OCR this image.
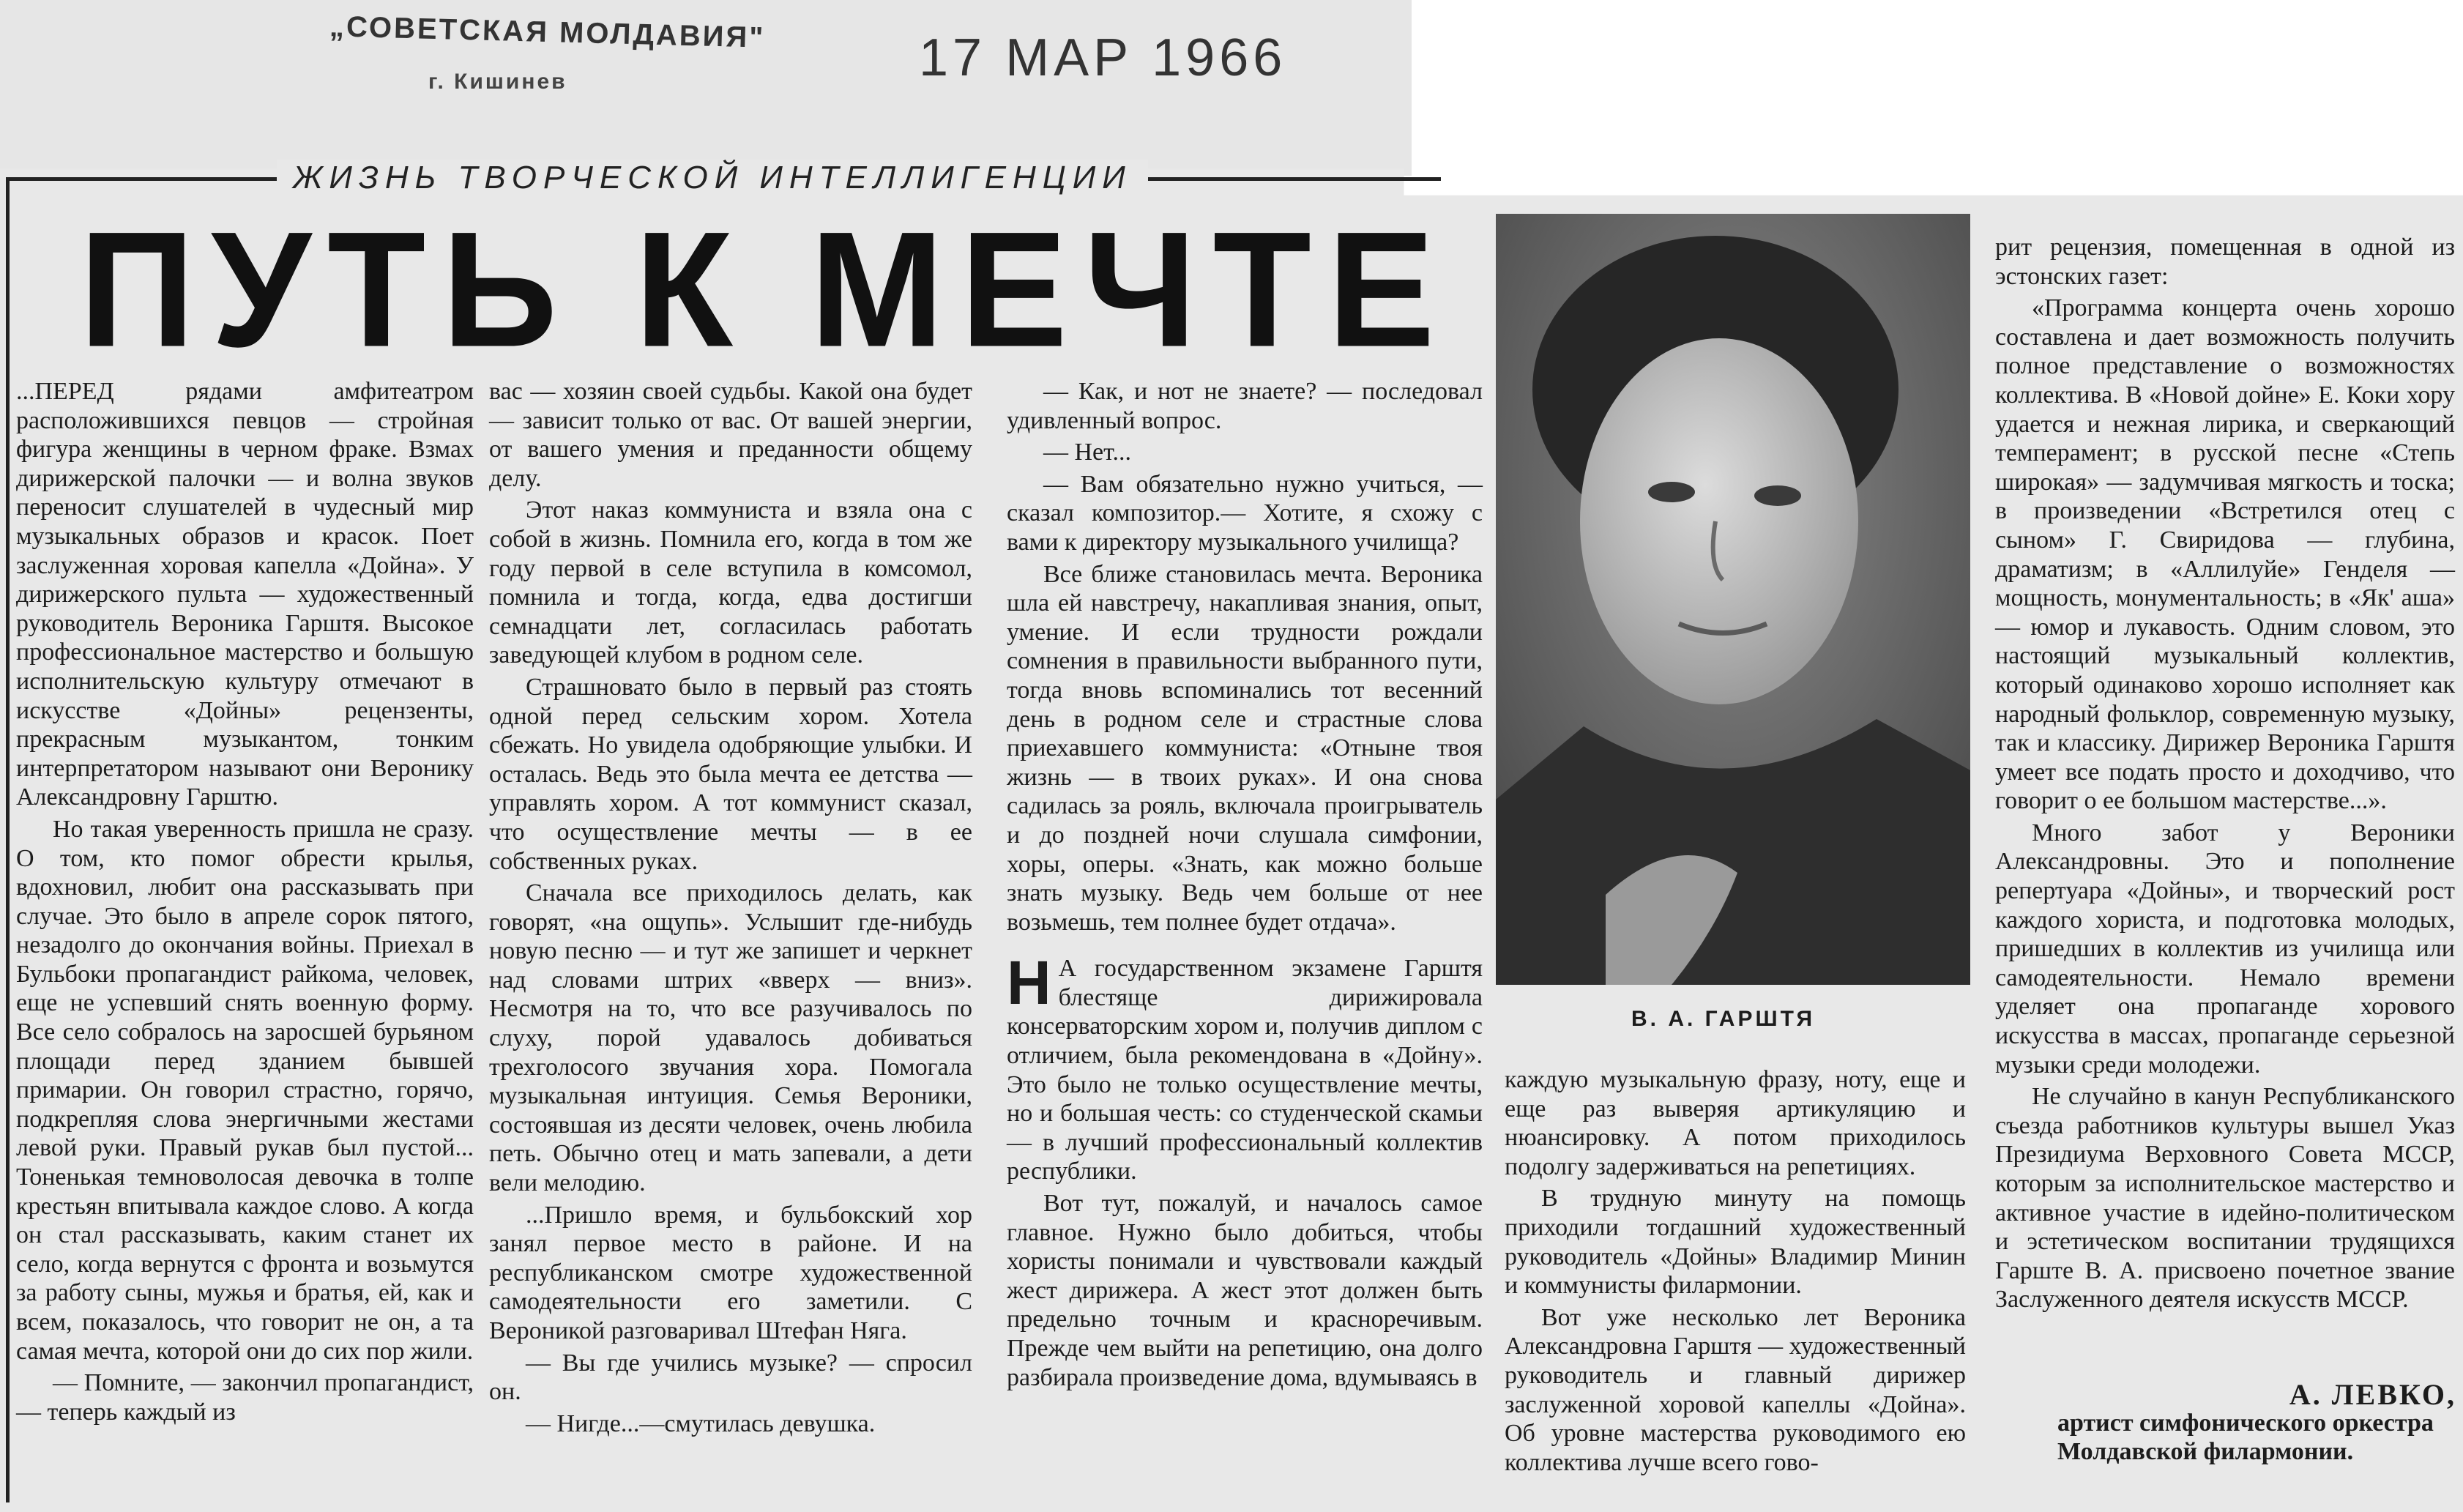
„СОВЕТСКАЯ МОЛДАВИЯ"
г. Кишинев	17 МАР 1966
ЖИЗНЬ ТВОРЧЕСКОЙ ИНТЕЛЛИГЕНЦИИ
ПУТЬ К МЕЧТЕ

...ПЕРЕД рядами амфитеатром расположившихся певцов — стройная фигура женщины в черном фраке. Взмах дирижерской палочки — и волна звуков переносит слушателей в чудесный мир музыкальных образов и красок. Поет заслуженная хоровая капелла «Дойна». У дирижерского пульта — художественный руководитель Вероника Гарштя. Высокое профессиональное мастерство и большую исполнительскую культуру отмечают в искусстве «Дойны» рецензенты, прекрасным музыкантом, тонким интерпретатором называют они Веронику Александровну Гарштю.

Но такая уверенность пришла не сразу. О том, кто помог обрести крылья, вдохновил, любит она рассказывать при случае. Это было в апреле сорок пятого, незадолго до окончания войны. Приехал в Бульбоки пропагандист райкома, человек, еще не успевший снять военную форму. Все село собралось на заросшей бурьяном площади перед зданием бывшей примарии. Он говорил страстно, горячо, подкрепляя слова энергичными жестами левой руки. Правый рукав был пустой... Тоненькая темноволосая девочка в толпе крестьян впитывала каждое слово. А когда он стал рассказывать, каким станет их село, когда вернутся с фронта и возьмутся за работу сыны, мужья и братья, ей, как и всем, показалось, что говорит не он, а та самая мечта, которой они до сих пор жили.

— Помните, — закончил пропагандист, — теперь каждый из

вас — хозяин своей судьбы. Какой она будет — зависит только от вас. От вашей энергии, от вашего умения и преданности общему делу.

Этот наказ коммуниста и взяла она с собой в жизнь. Помнила его, когда в том же году первой в селе вступила в комсомол, помнила и тогда, когда, едва достигши семнадцати лет, согласилась работать заведующей клубом в родном селе.

Страшновато было в первый раз стоять одной перед сельским хором. Хотела сбежать. Но увидела одобряющие улыбки. И осталась. Ведь это была мечта ее детства — управлять хором. А тот коммунист сказал, что осуществление мечты — в ее собственных руках.

Сначала все приходилось делать, как говорят, «на ощупь». Услышит где-нибудь новую песню — и тут же запишет и черкнет над словами штрих «вверх — вниз». Несмотря на то, что все разучивалось по слуху, порой удавалось добиваться трехголосого звучания хора. Помогала музыкальная интуиция. Семья Вероники, состоявшая из десяти человек, очень любила петь. Обычно отец и мать запевали, а дети вели мелодию.

...Пришло время, и бульбокский хор занял первое место в районе. И на республиканском смотре художественной самодеятельности его заметили. С Вероникой разговаривал Штефан Няга.

— Вы где учились музыке? — спросил он.

— Нигде...—смутилась девушка.

— Как, и нот не знаете? — последовал удивленный вопрос.

— Нет...

— Вам обязательно нужно учиться, — сказал композитор.— Хотите, я схожу с вами к директору музыкального училища?

Все ближе становилась мечта. Вероника шла ей навстречу, накапливая знания, опыт, умение. И если трудности рождали сомнения в правильности выбранного пути, тогда вновь вспоминались тот весенний день в родном селе и страстные слова приехавшего коммуниста: «Отныне твоя жизнь — в твоих руках». И она снова садилась за рояль, включала проигрыватель и до поздней ночи слушала симфонии, хоры, оперы. «Знать, как можно больше знать музыку. Ведь чем больше от нее возьмешь, тем полнее будет отдача».

Н А государственном экзамене Гарштя блестяще дирижировала консерваторским хором и, получив диплом с отличием, была рекомендована в «Дойну». Это было не только осуществление мечты, но и большая честь: со студенческой скамьи — в лучший профессиональный коллектив республики.

Вот тут, пожалуй, и началось самое главное. Нужно было добиться, чтобы хористы понимали и чувствовали каждый жест дирижера. А жест этот должен быть предельно точным и красноречивым. Прежде чем выйти на репетицию, она долго разбирала произведение дома, вдумываясь в

В. А. ГАРШТЯ

каждую музыкальную фразу, ноту, еще и еще раз выверяя артикуляцию и нюансировку. А потом приходилось подолгу задерживаться на репетициях.

В трудную минуту на помощь приходили тогдашний художественный руководитель «Дойны» Владимир Минин и коммунисты филармонии.

Вот уже несколько лет Вероника Александровна Гарштя — художественный руководитель и главный дирижер заслуженной хоровой капеллы «Дойна». Об уровне мастерства руководимого ею коллектива лучше всего гово-

рит рецензия, помещенная в одной из эстонских газет:

«Программа концерта очень хорошо составлена и дает возможность получить полное представление о возможностях коллектива. В «Новой дойне» Е. Коки хору удается и нежная лирика, и сверкающий темперамент; в русской песне «Степь широкая» — задумчивая мягкость и тоска; в произведении «Встретился отец с сыном» Г. Свиридова — глубина, драматизм; в «Аллилуйе» Генделя — мощность, монументальность; в «Як' аша» — юмор и лукавость. Одним словом, это настоящий музыкальный коллектив, который одинаково хорошо исполняет как народный фольклор, современную музыку, так и классику. Дирижер Вероника Гарштя умеет все подать просто и доходчиво, что говорит о ее большом мастерстве...».

Много забот у Вероники Александровны. Это и пополнение репертуара «Дойны», и творческий рост каждого хориста, и подготовка молодых, пришедших в коллектив из училища или самодеятельности. Немало времени уделяет она пропаганде хорового искусства в массах, пропаганде серьезной музыки среди молодежи.

Не случайно в канун Республиканского съезда работников культуры вышел Указ Президиума Верховного Совета МССР, которым за исполнительское мастерство и активное участие в идейно-политическом и эстетическом воспитании трудящихся Гарште В. А. присвоено почетное звание Заслуженного деятеля искусств МССР.

А. ЛЕВКО,
артист симфонического оркестра Молдавской филармонии.
